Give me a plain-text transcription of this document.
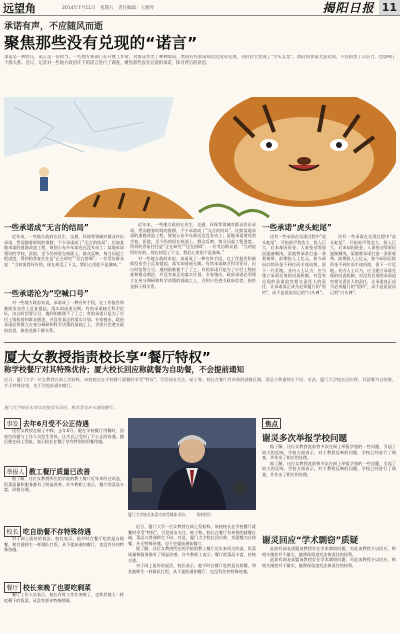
远望角	2014年7月11日　星期五　责任编辑：王晓琴	揭阳日报 11
承诺有声，不应随风而逝
聚焦那些没有兑现的“诺言”
承诺是一种责任，诺言是一份担当。一些地方和部门在开展工作时，对群众作出了种种承诺，然而有些承诺却迟迟没有兑现，有的甚至变成了“空头支票”。政府的承诺无法兑现，不仅损害了公信力，也影响了干群关系。近日，记者对一些地方政府许下的诺言进行了调查，聚焦那些没有兑现的承诺，探寻背后的原因。
一些承诺成“无言的结局”

近年来，一些地方政府在民生、交通、环保等领域对群众作出承诺，然而随着时间的推移，不少承诺成了“无言的结局”。比如某地承诺的道路改造工程，规划公布多年却迟迟没有动工；某地承诺建设的学校、医院，至今仍停留在纸面上。群众反映，每当问起工程进度，得到的答复往往是“正在研究”“还在协调”。一位受访群众说：“当初说得好好的，现在却没了下文，我们心里很不是滋味。”

一些承诺沦为“空喊口号”

对一些地方政府来说，承诺成了一种宣传手段，在工作报告和新闻发布会上反复提起，落实却遥遥无期。有的承诺缺乏科学论证，出台时信誓旦旦，遇到困难便不了了之；有的承诺只是为了应付上级检查和群众舆论，并没有真正的落实计划。专家指出，政府承诺必须建立在充分调研和科学决策的基础之上，否则只会透支政府信誉，损害党群干群关系。

近年来，一些地方政府在民生、交通、环保等领域对群众作出承诺，然而随着时间的推移，不少承诺成了“无言的结局”。比如某地承诺的道路改造工程，规划公布多年却迟迟没有动工；某地承诺建设的学校、医院，至今仍停留在纸面上。群众反映，每当问起工程进度，得到的答复往往是“正在研究”“还在协调”。一位受访群众说：“当初说得好好的，现在却没了下文，我们心里很不是滋味。”

对一些地方政府来说，承诺成了一种宣传手段，在工作报告和新闻发布会上反复提起，落实却遥遥无期。有的承诺缺乏科学论证，出台时信誓旦旦，遇到困难便不了了之；有的承诺只是为了应付上级检查和群众舆论，并没有真正的落实计划。专家指出，政府承诺必须建立在充分调研和科学决策的基础之上，否则只会透支政府信誉，损害党群干群关系。

一些承诺“虎头蛇尾”

还有一些承诺在兑现过程中“虎头蛇尾”。开始时声势浩大、投入巨大，后来却因资金、人事变动等原因逐渐搁浅。某地曾承诺打造一条景观带，前期投入上亿元，如今却因后续资金不到位而半途而废，留下一片荒地。业内人士认为，应当建立承诺兑现的问责机制，对没有兑现的承诺追究相关责任人的责任，让承诺真正成为必须履行的“契约”，而不是说说而已的“口头禅”。

还有一些承诺在兑现过程中“虎头蛇尾”。开始时声势浩大、投入巨大，后来却因资金、人事变动等原因逐渐搁浅。某地曾承诺打造一条景观带，前期投入上亿元，如今却因后续资金不到位而半途而废，留下一片荒地。业内人士认为，应当建立承诺兑现的问责机制，对没有兑现的承诺追究相关责任人的责任，让承诺真正成为必须履行的“契约”，而不是说说而已的“口头禅”。

厦大女教授指责校长享“餐厅特权”
称学校餐厅对其特殊优待；厦大校长回应称就餐为自助餐，不会提前通知
近日，厦门大学一位女教授在网上发帖称，该校校长在学校餐厅就餐时享受“特权”，引发网友关注。帖子称，校长在餐厅有单独的就餐区域，菜品与普通师生不同。对此，厦门大学校长回应称，其就餐为自助餐，并无特殊待遇，也不会提前通知餐厅。
厦门大学校长朱崇实在接受采访时，称其事先并未通知餐厅。
事发 去年6月受不公正待遇

这位女教授在帖子中称，去年6月，她在学校餐厅用餐时，因座位问题与工作人员发生争执，认为自己受到了不公正的待遇，随后便在网上发帖，表示校长在餐厅享有特别的用餐待遇。

举报人 教工餐厅质量已改善

据了解，这位女教授所在的学院的教工餐厅近年来经过改造，饭菜质量和服务都有了明显改善。许多教职工表示，餐厅的菜品丰富，价格合理。

校长 吃自助餐不存特殊待遇

对于网上流传的说法，校长表示，他平时在餐厅吃的是自助餐，和其他师生一样排队打饭，从不提前通知餐厅，也没有任何特殊待遇。

餐厅 校长来晚了也要吃剩菜

餐厅工作人员表示，校长有时工作忙来晚了，也和其他人一样吃剩下的饭菜，从没有要求特殊照顾。

厦门大学校长朱崇实接受媒体采访。　　资料图片

近日，厦门大学一位女教授在网上发帖称，该校校长在学校餐厅就餐时享受“特权”，引发网友关注。帖子称，校长在餐厅有单独的就餐区域，菜品与普通师生不同。对此，厦门大学校长回应称，其就餐为自助餐，并无特殊待遇，也不会提前通知餐厅。

据了解，这位女教授所在的学院的教工餐厅近年来经过改造，饭菜质量和服务都有了明显改善。许多教职工表示，餐厅的菜品丰富，价格合理。

对于网上流传的说法，校长表示，他平时在餐厅吃的是自助餐，和其他师生一样排队打饭，从不提前通知餐厅，也没有任何特殊待遇。

焦点
谢灵多次举报学校问题

据了解，这位女教授此前曾多次在网上举报学校的一些问题，引起了较大的反响。学校方面表示，对于教授反映的问题，学校已经进行了调查，并作出了相应的处理。

据了解，这位女教授此前曾多次在网上举报学校的一些问题，引起了较大的反响。学校方面表示，对于教授反映的问题，学校已经进行了调查，并作出了相应的处理。

谢灵回应“学术剽窃”质疑

此前有网友质疑该教授存在学术剽窃问题，对此该教授予以回应，称相关指控并不属实，她将保留追究法律责任的权利。

此前有网友质疑该教授存在学术剽窃问题，对此该教授予以回应，称相关指控并不属实，她将保留追究法律责任的权利。
